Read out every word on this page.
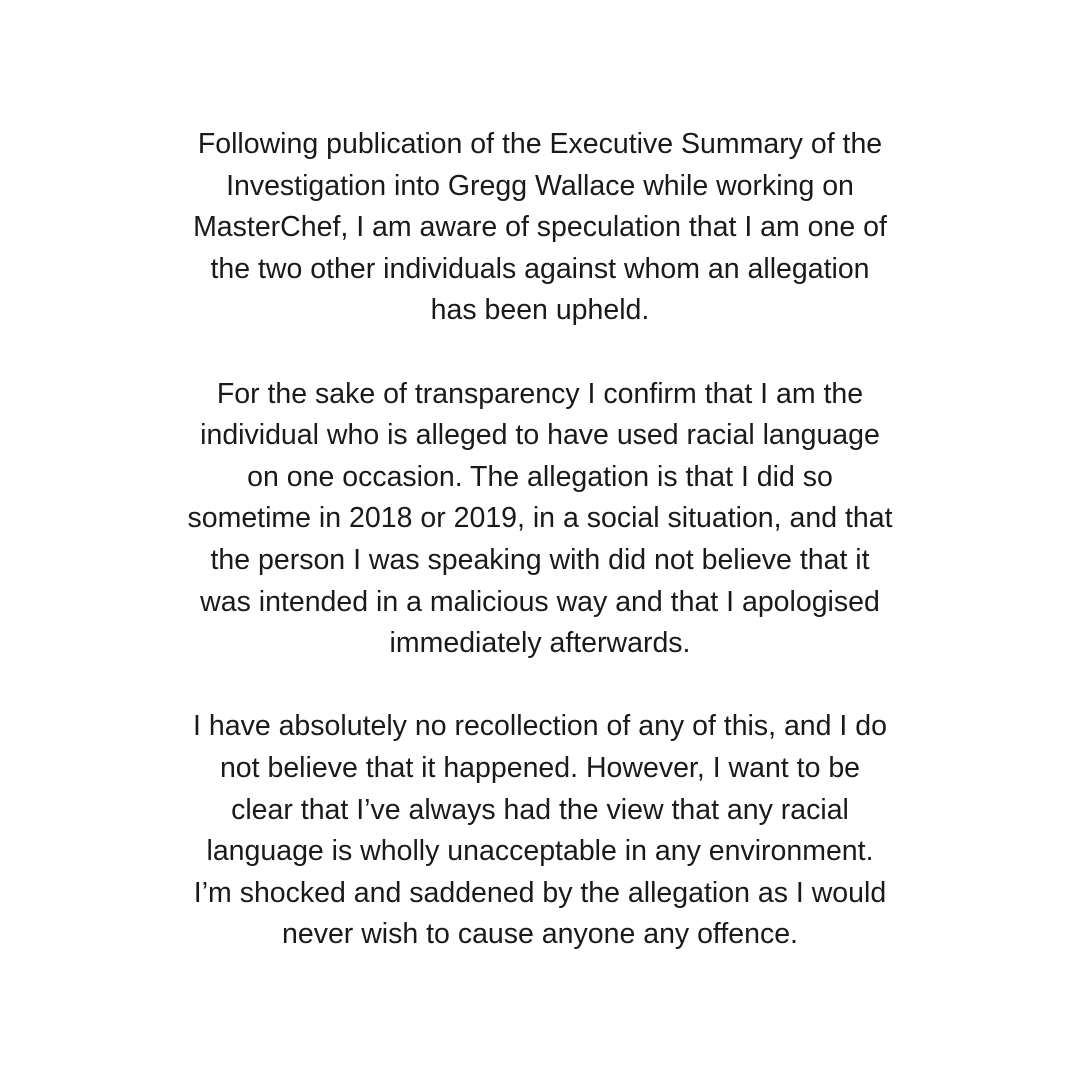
Following publication of the Executive Summary of the
Investigation into Gregg Wallace while working on
MasterChef, I am aware of speculation that I am one of
the two other individuals against whom an allegation
has been upheld.
For the sake of transparency I confirm that I am the
individual who is alleged to have used racial language
on one occasion. The allegation is that I did so
sometime in 2018 or 2019, in a social situation, and that
the person I was speaking with did not believe that it
was intended in a malicious way and that I apologised
immediately afterwards.
I have absolutely no recollection of any of this, and I do
not believe that it happened. However, I want to be
clear that I’ve always had the view that any racial
language is wholly unacceptable in any environment.
I’m shocked and saddened by the allegation as I would
never wish to cause anyone any offence.
